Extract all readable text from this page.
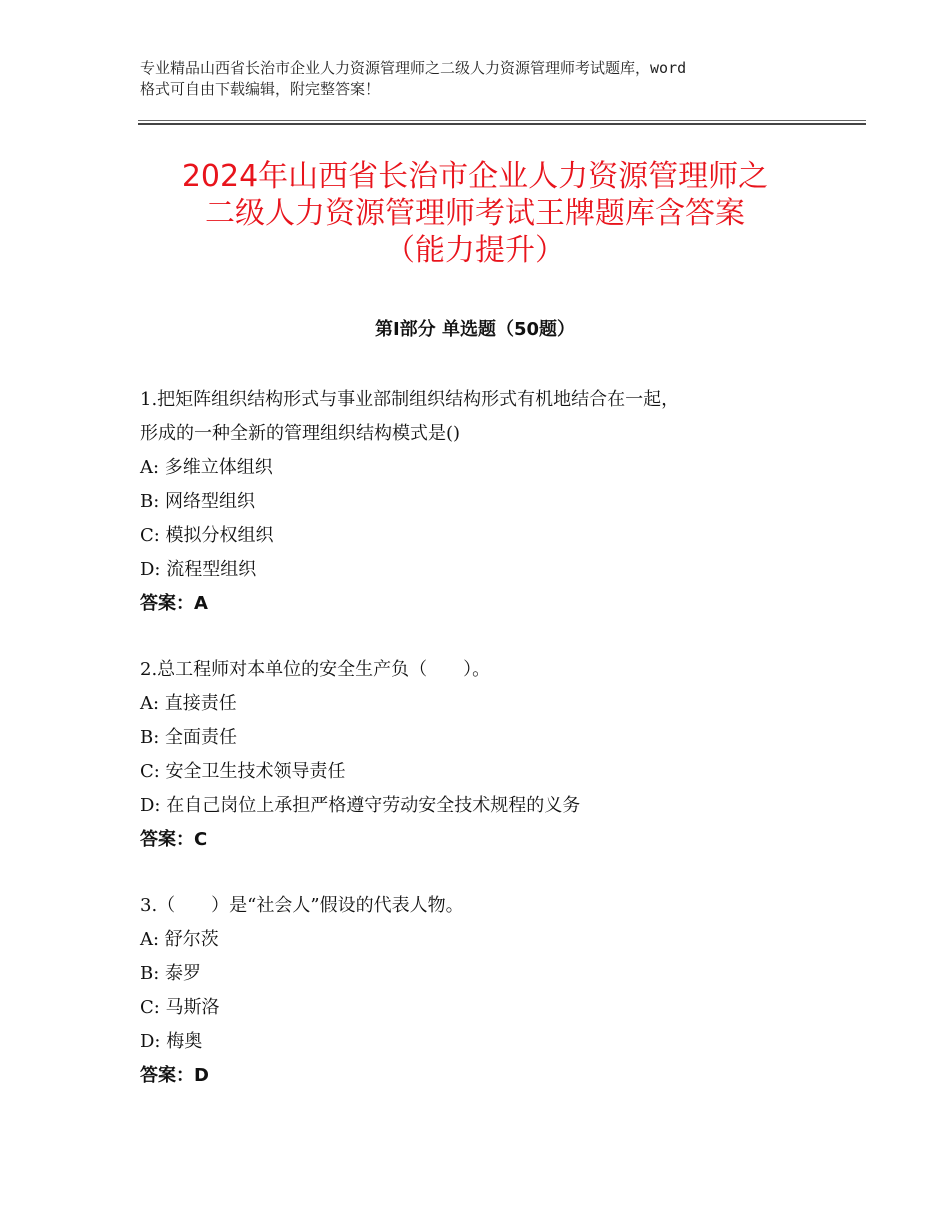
专业精品山西省长治市企业人力资源管理师之二级人力资源管理师考试题库，word
格式可自由下载编辑，附完整答案！
2024年山西省长治市企业人力资源管理师之
二级人力资源管理师考试王牌题库含答案
（能力提升）
第Ⅰ部分 单选题（50题）
1.把矩阵组织结构形式与事业部制组织结构形式有机地结合在一起，
形成的一种全新的管理组织结构模式是()
A: 多维立体组织
B: 网络型组织
C: 模拟分权组织
D: 流程型组织
答案：A
2.总工程师对本单位的安全生产负（　　）。
A: 直接责任
B: 全面责任
C: 安全卫生技术领导责任
D: 在自己岗位上承担严格遵守劳动安全技术规程的义务
答案：C
3.（　　）是“社会人”假设的代表人物。
A: 舒尔茨
B: 泰罗
C: 马斯洛
D: 梅奥
答案：D
